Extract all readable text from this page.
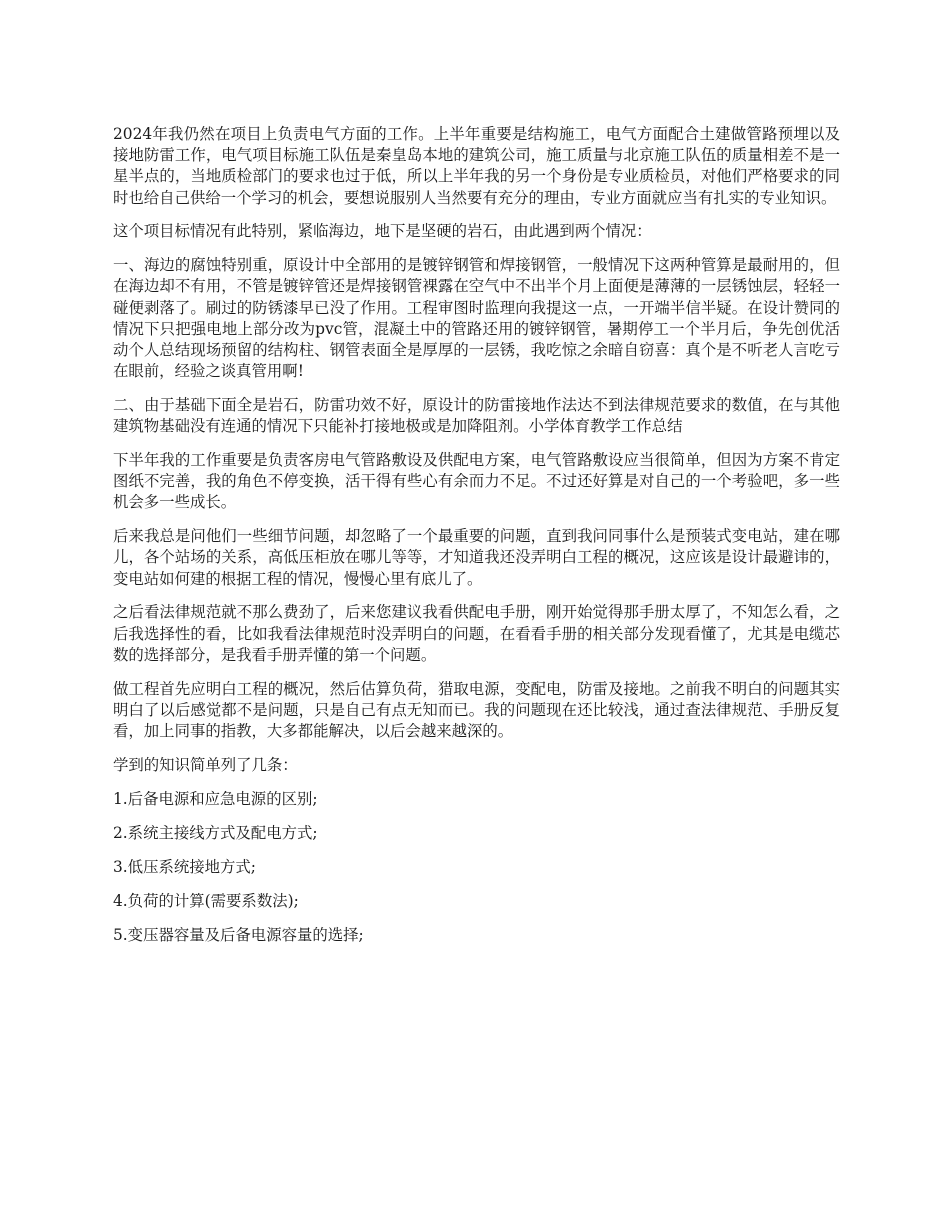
2024年我仍然在项目上负责电气方面的工作。上半年重要是结构施工，电气方面配合土建做管路预埋以及接地防雷工作，电气项目标施工队伍是秦皇岛本地的建筑公司，施工质量与北京施工队伍的质量相差不是一星半点的，当地质检部门的要求也过于低，所以上半年我的另一个身份是专业质检员，对他们严格要求的同时也给自己供给一个学习的机会，要想说服别人当然要有充分的理由，专业方面就应当有扎实的专业知识。

这个项目标情况有此特别，紧临海边，地下是坚硬的岩石，由此遇到两个情况：

一、海边的腐蚀特别重，原设计中全部用的是镀锌钢管和焊接钢管，一般情况下这两种管算是最耐用的，但在海边却不有用，不管是镀锌管还是焊接钢管裸露在空气中不出半个月上面便是薄薄的一层锈蚀层，轻轻一碰便剥落了。刷过的防锈漆早已没了作用。工程审图时监理向我提这一点，一开端半信半疑。在设计赞同的情况下只把强电地上部分改为pvc管，混凝土中的管路还用的镀锌钢管，暑期停工一个半月后，争先创优活动个人总结现场预留的结构柱、钢管表面全是厚厚的一层锈，我吃惊之余暗自窃喜：真个是不听老人言吃亏在眼前，经验之谈真管用啊!

二、由于基础下面全是岩石，防雷功效不好，原设计的防雷接地作法达不到法律规范要求的数值，在与其他建筑物基础没有连通的情况下只能补打接地极或是加降阻剂。小学体育教学工作总结

下半年我的工作重要是负责客房电气管路敷设及供配电方案，电气管路敷设应当很简单，但因为方案不肯定图纸不完善，我的角色不停变换，活干得有些心有余而力不足。不过还好算是对自己的一个考验吧，多一些机会多一些成长。

后来我总是问他们一些细节问题，却忽略了一个最重要的问题，直到我问同事什么是预装式变电站，建在哪儿，各个站场的关系，高低压柜放在哪儿等等，才知道我还没弄明白工程的概况，这应该是设计最避讳的，变电站如何建的根据工程的情况，慢慢心里有底儿了。

之后看法律规范就不那么费劲了，后来您建议我看供配电手册，刚开始觉得那手册太厚了，不知怎么看，之后我选择性的看，比如我看法律规范时没弄明白的问题，在看看手册的相关部分发现看懂了，尤其是电缆芯数的选择部分，是我看手册弄懂的第一个问题。

做工程首先应明白工程的概况，然后估算负荷，猎取电源，变配电，防雷及接地。之前我不明白的问题其实明白了以后感觉都不是问题，只是自己有点无知而已。我的问题现在还比较浅，通过查法律规范、手册反复看，加上同事的指教，大多都能解决，以后会越来越深的。

学到的知识简单列了几条：

1.后备电源和应急电源的区别;

2.系统主接线方式及配电方式;

3.低压系统接地方式;

4.负荷的计算(需要系数法);

5.变压器容量及后备电源容量的选择;
